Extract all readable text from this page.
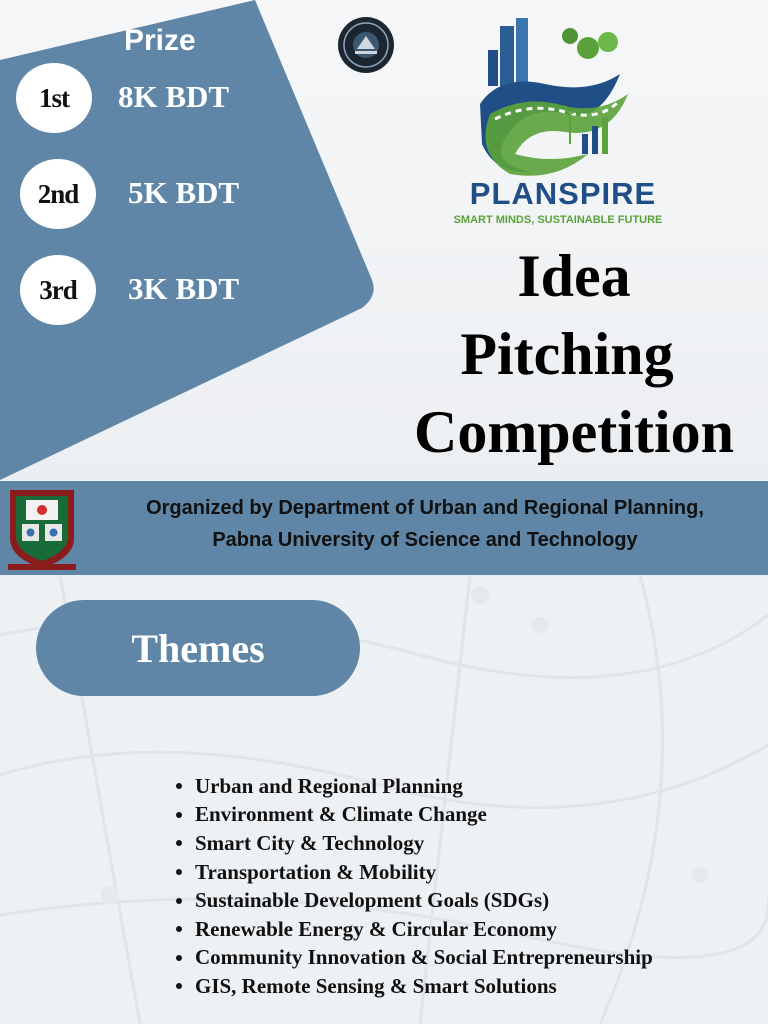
Prize
1st	8K BDT
2nd	5K BDT
3rd	3K BDT
PLANSPIRE
SMART MINDS, SUSTAINABLE FUTURE
Idea
Pitching
Competition
Organized by Department of Urban and Regional Planning,
Pabna University of Science and Technology
Themes
Urban and Regional Planning
Environment & Climate Change
Smart City & Technology
Transportation & Mobility
Sustainable Development Goals (SDGs)
Renewable Energy & Circular Economy
Community Innovation & Social Entrepreneurship
GIS, Remote Sensing & Smart Solutions
